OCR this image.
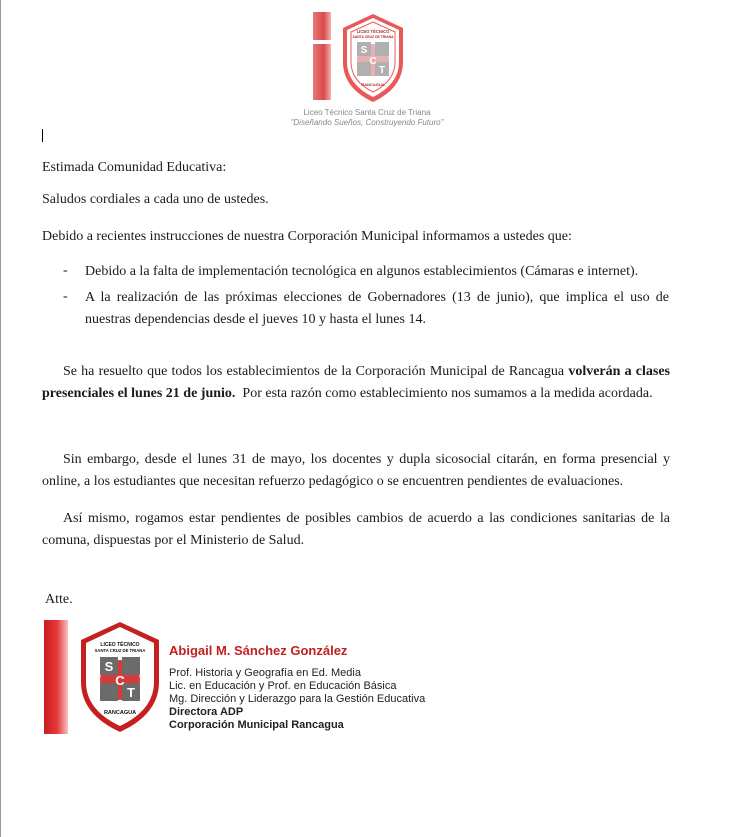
LICEO TÉCNICO
SANTA CRUZ DE TRIANA
S
C
T
RANCAGUA
Liceo Técnico Santa Cruz de Triana
"Diseñando Sueños, Construyendo Futuro"

Estimada Comunidad Educativa:

Saludos cordiales a cada uno de ustedes.

Debido a recientes instrucciones de nuestra Corporación Municipal informamos a ustedes que:

- Debido a la falta de implementación tecnológica en algunos establecimientos (Cámaras e internet).

- A la realización de las próximas elecciones de Gobernadores (13 de junio), que implica el uso de nuestras dependencias desde el jueves 10 y hasta el lunes 14.

Se ha resuelto que todos los establecimientos de la Corporación Municipal de Rancagua volverán a clases presenciales el lunes 21 de junio.  Por esta razón como establecimiento nos sumamos a la medida acordada.

Sin embargo, desde el lunes 31 de mayo, los docentes y dupla sicosocial citarán, en forma presencial y online, a los estudiantes que necesitan refuerzo pedagógico o se encuentren pendientes de evaluaciones.

Así mismo, rogamos estar pendientes de posibles cambios de acuerdo a las condiciones sanitarias de la comuna, dispuestas por el Ministerio de Salud.

Atte.

LICEO TÉCNICO
SANTA CRUZ DE TRIANA
S
C
T
RANCAGUA
Abigail M. Sánchez González
Prof. Historia y Geografía en Ed. Media
Lic. en Educación y Prof. en Educación Básica
Mg. Dirección y Liderazgo para la Gestión Educativa
Directora ADP
Corporación Municipal Rancagua
